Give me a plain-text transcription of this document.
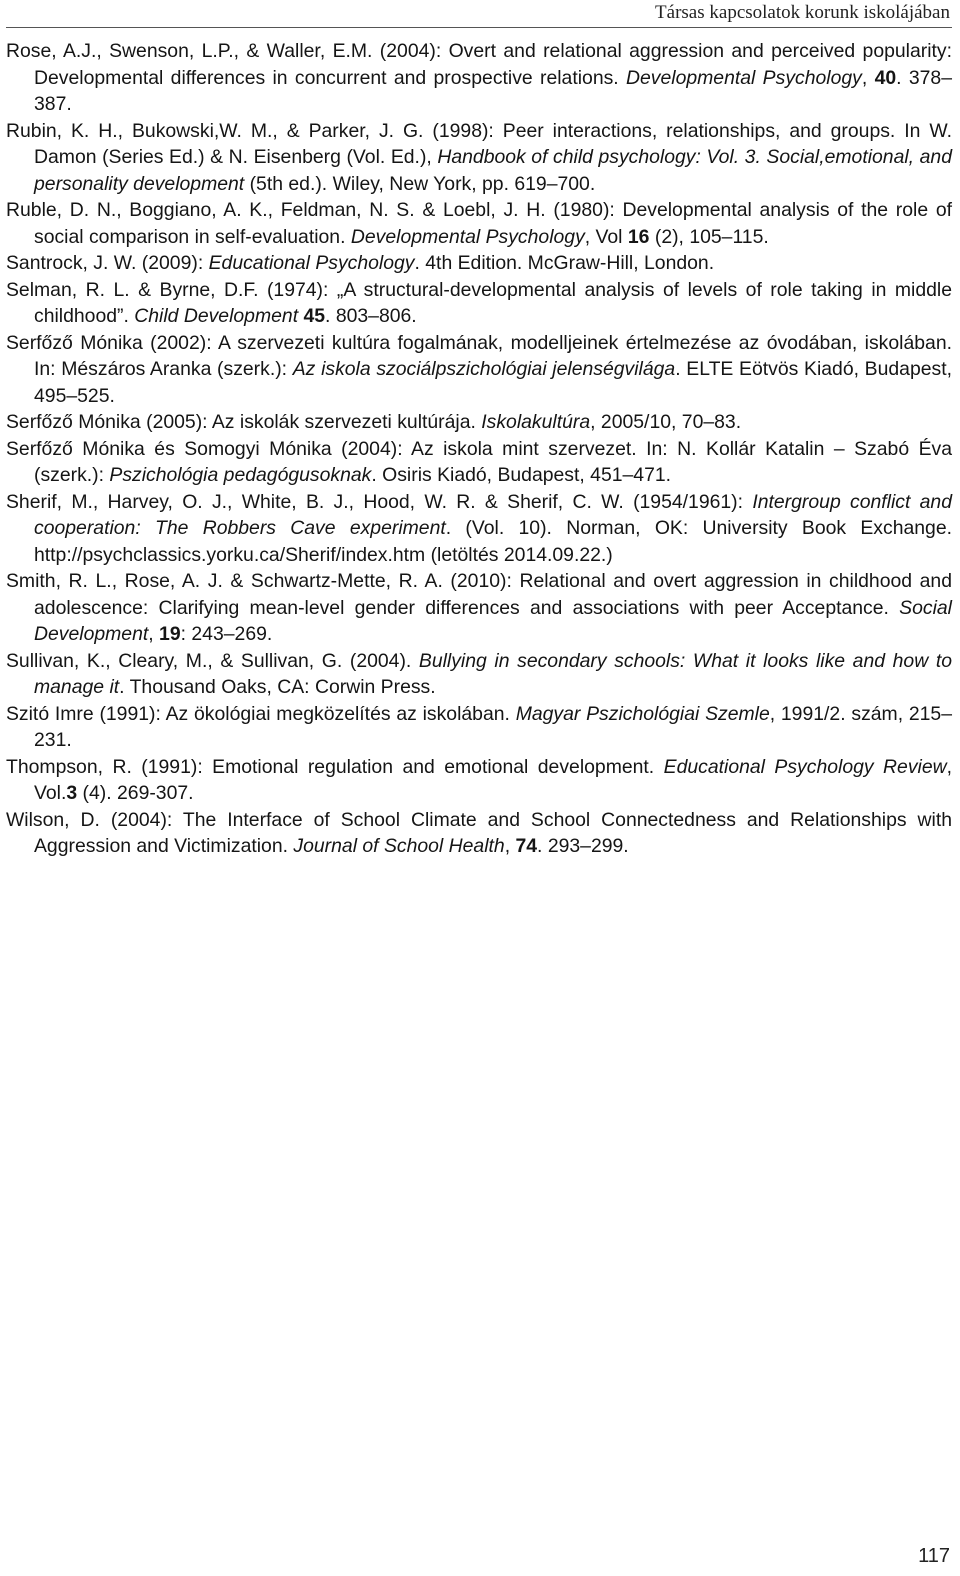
Társas kapcsolatok korunk iskolájában

Rose, A.J., Swenson, L.P., & Waller, E.M. (2004): Overt and relational aggression and perceived popularity: Developmental differences in concurrent and prospective relations. Developmental Psychology, 40. 378–387.

Rubin, K. H., Bukowski,W. M., & Parker, J. G. (1998): Peer interactions, relationships, and groups. In W. Damon (Series Ed.) & N. Eisenberg (Vol. Ed.), Handbook of child psychology: Vol. 3. Social,emotional, and personality development (5th ed.). Wiley, New York, pp. 619–700.

Ruble, D. N., Boggiano, A. K., Feldman, N. S. & Loebl, J. H. (1980): Developmental analysis of the role of social comparison in self-evaluation. Developmental Psychology, Vol 16 (2), 105–115.

Santrock, J. W. (2009): Educational Psychology. 4th Edition. McGraw-Hill, London.

Selman, R. L. & Byrne, D.F. (1974): „A structural-developmental analysis of levels of role taking in middle childhood”. Child Development 45. 803–806.

Serfőző Mónika (2002): A szervezeti kultúra fogalmának, modelljeinek értelmezése az óvodában, iskolában. In: Mészáros Aranka (szerk.): Az iskola szociálpszichológiai jelenségvilága. ELTE Eötvös Kiadó, Budapest, 495–525.

Serfőző Mónika (2005): Az iskolák szervezeti kultúrája. Iskolakultúra, 2005/10, 70–83.

Serfőző Mónika és Somogyi Mónika (2004): Az iskola mint szervezet. In: N. Kollár Katalin – Szabó Éva (szerk.): Pszichológia pedagógusoknak. Osiris Kiadó, Budapest, 451–471.

Sherif, M., Harvey, O. J., White, B. J., Hood, W. R. & Sherif, C. W. (1954/1961): Intergroup conflict and cooperation: The Robbers Cave experiment. (Vol. 10). Norman, OK: University Book Exchange. http://psychclassics.yorku.ca/Sherif/index.htm (letöltés 2014.09.22.)

Smith, R. L., Rose, A. J. & Schwartz-Mette, R. A. (2010): Relational and overt aggression in childhood and adolescence: Clarifying mean-level gender differences and associations with peer Acceptance. Social Development, 19: 243–269.

Sullivan, K., Cleary, M., & Sullivan, G. (2004). Bullying in secondary schools: What it looks like and how to manage it. Thousand Oaks, CA: Corwin Press.

Szitó Imre (1991): Az ökológiai megközelítés az iskolában. Magyar Pszichológiai Szemle, 1991/2. szám, 215–231.

Thompson, R. (1991): Emotional regulation and emotional development. Educational Psychology Review, Vol.3 (4). 269-307.

Wilson, D. (2004): The Interface of School Climate and School Connectedness and Relationships with Aggression and Victimization. Journal of School Health, 74. 293–299.

117
